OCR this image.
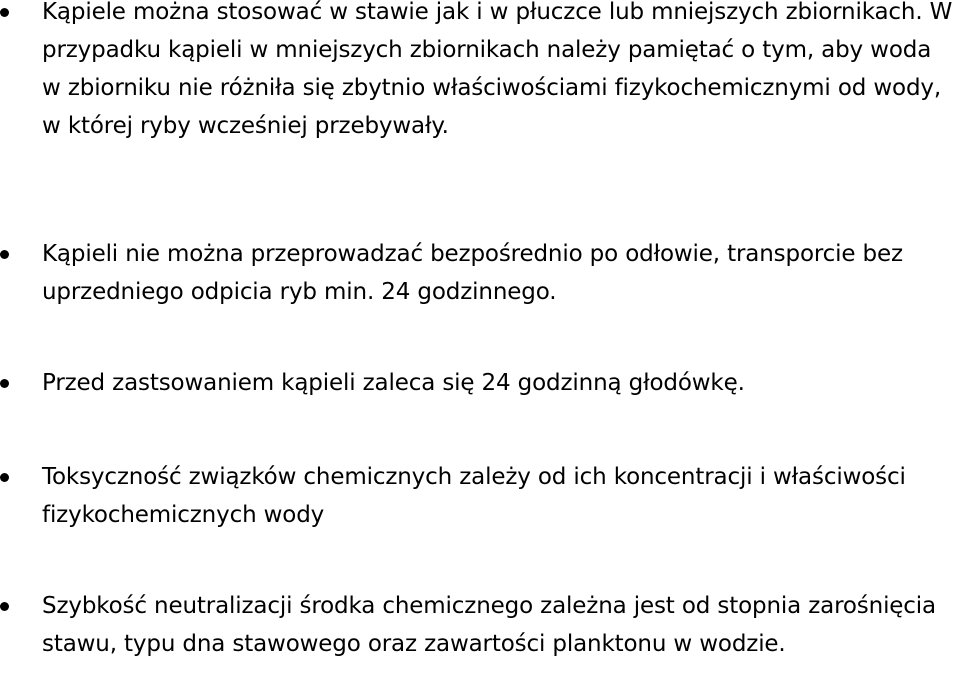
Kąpiele można stosować w stawie jak i w płuczce lub mniejszych zbiornikach. W przypadku kąpieli w mniejszych zbiornikach należy pamiętać o tym, aby woda w zbiorniku nie różniła się zbytnio właściwościami fizykochemicznymi od wody, w której ryby wcześniej przebywały.
Kąpieli nie można przeprowadzać bezpośrednio po odłowie, transporcie bez uprzedniego odpicia ryb min. 24 godzinnego.
Przed zastsowaniem kąpieli zaleca się 24 godzinną głodówkę.
Toksyczność związków chemicznych zależy od ich koncentracji i właściwości fizykochemicznych wody
Szybkość neutralizacji środka chemicznego zależna jest od stopnia zarośnięcia stawu, typu dna stawowego oraz zawartości planktonu w wodzie.
